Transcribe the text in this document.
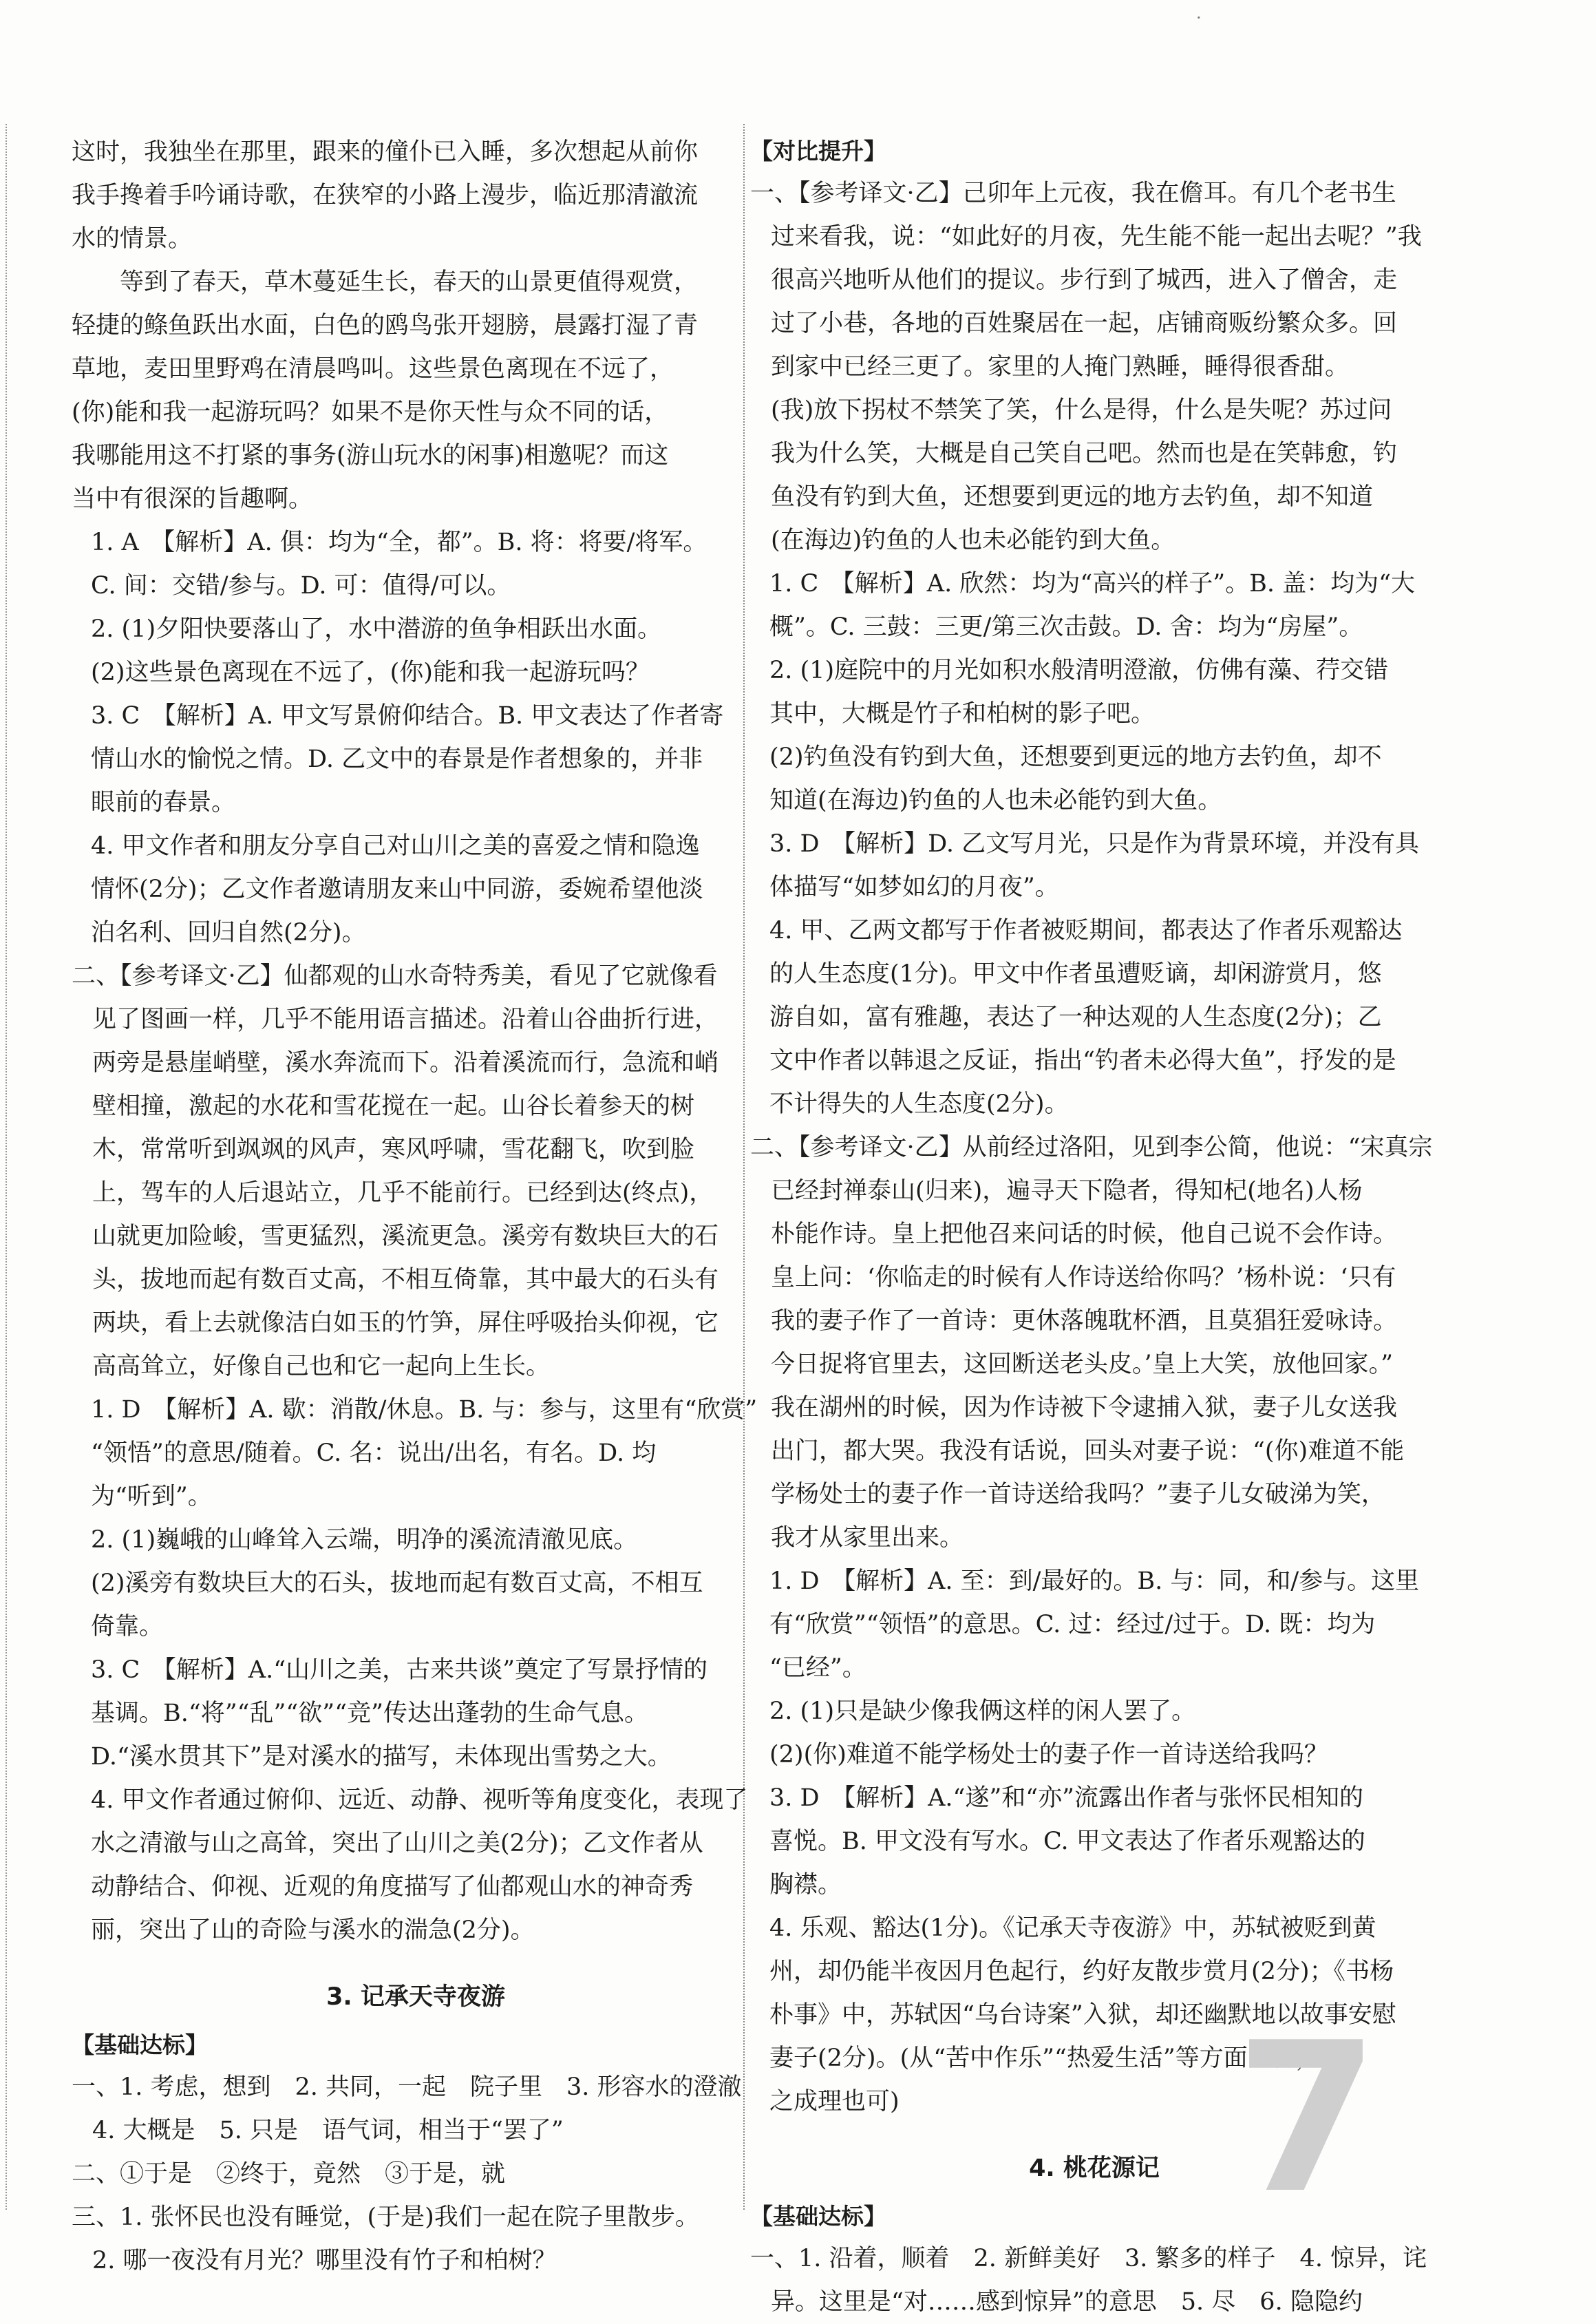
·
这时，我独坐在那里，跟来的僮仆已入睡，多次想起从前你
我手搀着手吟诵诗歌，在狭窄的小路上漫步，临近那清澈流
水的情景。
等到了春天，草木蔓延生长，春天的山景更值得观赏，
轻捷的鲦鱼跃出水面，白色的鸥鸟张开翅膀，晨露打湿了青
草地，麦田里野鸡在清晨鸣叫。这些景色离现在不远了，
(你)能和我一起游玩吗？如果不是你天性与众不同的话，
我哪能用这不打紧的事务(游山玩水的闲事)相邀呢？而这
当中有很深的旨趣啊。
1. A　【解析】A. 俱：均为“全，都”。B. 将：将要/将军。
C. 间：交错/参与。D. 可：值得/可以。
2. (1)夕阳快要落山了，水中潜游的鱼争相跃出水面。
(2)这些景色离现在不远了，(你)能和我一起游玩吗？
3. C　【解析】A. 甲文写景俯仰结合。B. 甲文表达了作者寄
情山水的愉悦之情。D. 乙文中的春景是作者想象的，并非
眼前的春景。
4. 甲文作者和朋友分享自己对山川之美的喜爱之情和隐逸
情怀(2分)；乙文作者邀请朋友来山中同游，委婉希望他淡
泊名利、回归自然(2分)。
二、【参考译文·乙】仙都观的山水奇特秀美，看见了它就像看
见了图画一样，几乎不能用语言描述。沿着山谷曲折行进，
两旁是悬崖峭壁，溪水奔流而下。沿着溪流而行，急流和峭
壁相撞，激起的水花和雪花搅在一起。山谷长着参天的树
木，常常听到飒飒的风声，寒风呼啸，雪花翻飞，吹到脸
上，驾车的人后退站立，几乎不能前行。已经到达(终点)，
山就更加险峻，雪更猛烈，溪流更急。溪旁有数块巨大的石
头，拔地而起有数百丈高，不相互倚靠，其中最大的石头有
两块，看上去就像洁白如玉的竹笋，屏住呼吸抬头仰视，它
高高耸立，好像自己也和它一起向上生长。
1. D　【解析】A. 歇：消散/休息。B. 与：参与，这里有“欣赏”
“领悟”的意思/随着。C. 名：说出/出名，有名。D. 均
为“听到”。
2. (1)巍峨的山峰耸入云端，明净的溪流清澈见底。
(2)溪旁有数块巨大的石头，拔地而起有数百丈高，不相互
倚靠。
3. C　【解析】A.“山川之美，古来共谈”奠定了写景抒情的
基调。B.“将”“乱”“欲”“竞”传达出蓬勃的生命气息。
D.“溪水贯其下”是对溪水的描写，未体现出雪势之大。
4. 甲文作者通过俯仰、远近、动静、视听等角度变化，表现了
水之清澈与山之高耸，突出了山川之美(2分)；乙文作者从
动静结合、仰视、近观的角度描写了仙都观山水的神奇秀
丽，突出了山的奇险与溪水的湍急(2分)。
3. 记承天寺夜游
【基础达标】
一、1. 考虑，想到　2. 共同，一起　院子里　3. 形容水的澄澈
4. 大概是　5. 只是　语气词，相当于“罢了”
二、①于是　②终于，竟然　③于是，就
三、1. 张怀民也没有睡觉，(于是)我们一起在院子里散步。
2. 哪一夜没有月光？哪里没有竹子和柏树？
【对比提升】
一、【参考译文·乙】己卯年上元夜，我在儋耳。有几个老书生
过来看我，说：“如此好的月夜，先生能不能一起出去呢？”我
很高兴地听从他们的提议。步行到了城西，进入了僧舍，走
过了小巷，各地的百姓聚居在一起，店铺商贩纷繁众多。回
到家中已经三更了。家里的人掩门熟睡，睡得很香甜。
(我)放下拐杖不禁笑了笑，什么是得，什么是失呢？苏过问
我为什么笑，大概是自己笑自己吧。然而也是在笑韩愈，钓
鱼没有钓到大鱼，还想要到更远的地方去钓鱼，却不知道
(在海边)钓鱼的人也未必能钓到大鱼。
1. C　【解析】A. 欣然：均为“高兴的样子”。B. 盖：均为“大
概”。C. 三鼓：三更/第三次击鼓。D. 舍：均为“房屋”。
2. (1)庭院中的月光如积水般清明澄澈，仿佛有藻、荇交错
其中，大概是竹子和柏树的影子吧。
(2)钓鱼没有钓到大鱼，还想要到更远的地方去钓鱼，却不
知道(在海边)钓鱼的人也未必能钓到大鱼。
3. D　【解析】D. 乙文写月光，只是作为背景环境，并没有具
体描写“如梦如幻的月夜”。
4. 甲、乙两文都写于作者被贬期间，都表达了作者乐观豁达
的人生态度(1分)。甲文中作者虽遭贬谪，却闲游赏月，悠
游自如，富有雅趣，表达了一种达观的人生态度(2分)；乙
文中作者以韩退之反证，指出“钓者未必得大鱼”，抒发的是
不计得失的人生态度(2分)。
二、【参考译文·乙】从前经过洛阳，见到李公简，他说：“宋真宗
已经封禅泰山(归来)，遍寻天下隐者，得知杞(地名)人杨
朴能作诗。皇上把他召来问话的时候，他自己说不会作诗。
皇上问：‘你临走的时候有人作诗送给你吗？’杨朴说：‘只有
我的妻子作了一首诗：更休落魄耽杯酒，且莫猖狂爱咏诗。
今日捉将官里去，这回断送老头皮。’皇上大笑，放他回家。”
我在湖州的时候，因为作诗被下令逮捕入狱，妻子儿女送我
出门，都大哭。我没有话说，回头对妻子说：“(你)难道不能
学杨处士的妻子作一首诗送给我吗？”妻子儿女破涕为笑，
我才从家里出来。
1. D　【解析】A. 至：到/最好的。B. 与：同，和/参与。这里
有“欣赏”“领悟”的意思。C. 过：经过/过于。D. 既：均为
“已经”。
2. (1)只是缺少像我俩这样的闲人罢了。
(2)(你)难道不能学杨处士的妻子作一首诗送给我吗？
3. D　【解析】A.“遂”和“亦”流露出作者与张怀民相知的
喜悦。B. 甲文没有写水。C. 甲文表达了作者乐观豁达的
胸襟。
4. 乐观、豁达(1分)。《记承天寺夜游》中，苏轼被贬到黄
州，却仍能半夜因月色起行，约好友散步赏月(2分)；《书杨
朴事》中，苏轼因“乌台诗案”入狱，却还幽默地以故事安慰
妻子(2分)。(从“苦中作乐”“热爱生活”等方面回答，言
之成理也可)
4. 桃花源记
【基础达标】
一、1. 沿着，顺着　2. 新鲜美好　3. 繁多的样子　4. 惊异，诧
异。这里是“对……感到惊异”的意思　5. 尽　6. 隐隐约
7
